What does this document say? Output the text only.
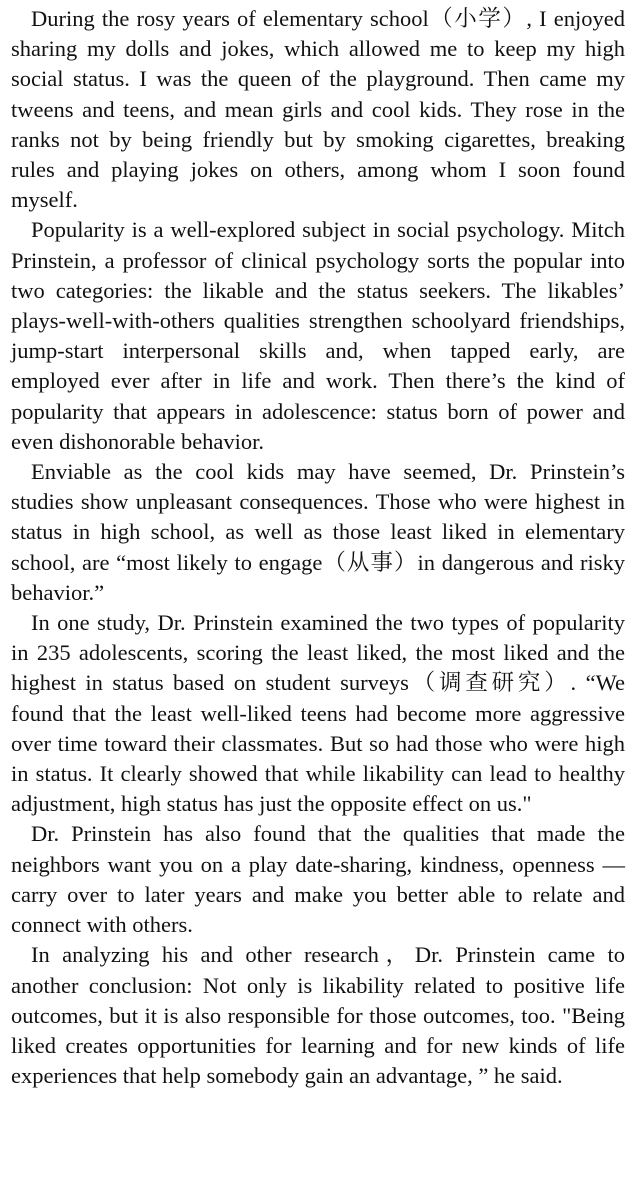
During the rosy years of elementary school（小学）, I enjoyed sharing my dolls and jokes, which allowed me to keep my high social status. I was the queen of the playground. Then came my tweens and teens, and mean girls and cool kids. They rose in the ranks not by being friendly but by smoking cigarettes, breaking rules and playing jokes on others, among whom I soon found myself.

Popularity is a well-explored subject in social psychology. Mitch Prinstein, a professor of clinical psychology sorts the popular into two categories: the likable and the status seekers. The likables’ plays-well-with-others qualities strengthen schoolyard friendships, jump-start interpersonal skills and, when tapped early, are employed ever after in life and work. Then there’s the kind of popularity that appears in adolescence: status born of power and even dishonorable behavior.

Enviable as the cool kids may have seemed, Dr. Prinstein’s studies show unpleasant consequences. Those who were highest in status in high school, as well as those least liked in elementary school, are “most likely to engage（从事）in dangerous and risky behavior.”

In one study, Dr. Prinstein examined the two types of popularity in 235 adolescents, scoring the least liked, the most liked and the highest in status based on student surveys（调查研究）. “We found that the least well-liked teens had become more aggressive over time toward their classmates. But so had those who were high in status. It clearly showed that while likability can lead to healthy adjustment, high status has just the opposite effect on us."

Dr. Prinstein has also found that the qualities that made the neighbors want you on a play date-sharing, kindness, openness — carry over to later years and make you better able to relate and connect with others.

In analyzing his and other research，Dr. Prinstein came to another conclusion: Not only is likability related to positive life outcomes, but it is also responsible for those outcomes, too. "Being liked creates opportunities for learning and for new kinds of life experiences that help somebody gain an advantage, ” he said.
